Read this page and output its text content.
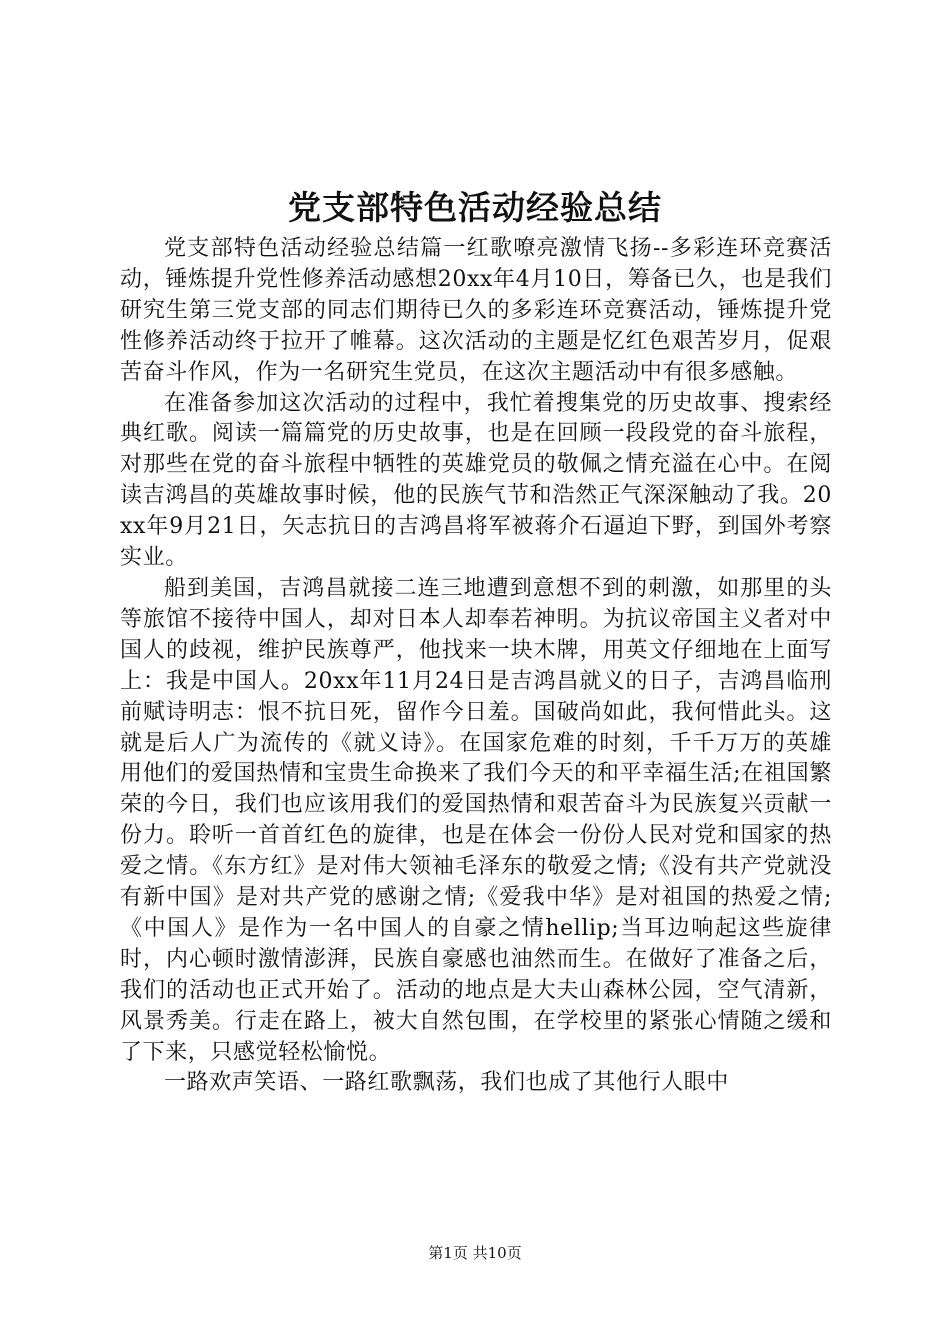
党支部特色活动经验总结

党支部特色活动经验总结篇一红歌嘹亮激情飞扬--多彩连环竞赛活动，锤炼提升党性修养活动感想20xx年4月10日，筹备已久，也是我们研究生第三党支部的同志们期待已久的多彩连环竞赛活动，锤炼提升党性修养活动终于拉开了帷幕。这次活动的主题是忆红色艰苦岁月，促艰苦奋斗作风，作为一名研究生党员，在这次主题活动中有很多感触。

在准备参加这次活动的过程中，我忙着搜集党的历史故事、搜索经典红歌。阅读一篇篇党的历史故事，也是在回顾一段段党的奋斗旅程，对那些在党的奋斗旅程中牺牲的英雄党员的敬佩之情充溢在心中。在阅读吉鸿昌的英雄故事时候，他的民族气节和浩然正气深深触动了我。20xx年9月21日，矢志抗日的吉鸿昌将军被蒋介石逼迫下野，到国外考察实业。

船到美国，吉鸿昌就接二连三地遭到意想不到的刺激，如那里的头等旅馆不接待中国人，却对日本人却奉若神明。为抗议帝国主义者对中国人的歧视，维护民族尊严，他找来一块木牌，用英文仔细地在上面写上：我是中国人。20xx年11月24日是吉鸿昌就义的日子，吉鸿昌临刑前赋诗明志：恨不抗日死，留作今日羞。国破尚如此，我何惜此头。这就是后人广为流传的《就义诗》。在国家危难的时刻，千千万万的英雄用他们的爱国热情和宝贵生命换来了我们今天的和平幸福生活;在祖国繁荣的今日，我们也应该用我们的爱国热情和艰苦奋斗为民族复兴贡献一份力。聆听一首首红色的旋律，也是在体会一份份人民对党和国家的热爱之情。《东方红》是对伟大领袖毛泽东的敬爱之情;《没有共产党就没有新中国》是对共产党的感谢之情;《爱我中华》是对祖国的热爱之情;《中国人》是作为一名中国人的自豪之情hellip;当耳边响起这些旋律时，内心顿时激情澎湃，民族自豪感也油然而生。在做好了准备之后，我们的活动也正式开始了。活动的地点是大夫山森林公园，空气清新，风景秀美。行走在路上，被大自然包围，在学校里的紧张心情随之缓和了下来，只感觉轻松愉悦。

一路欢声笑语、一路红歌飘荡，我们也成了其他行人眼中

第1页 共10页
